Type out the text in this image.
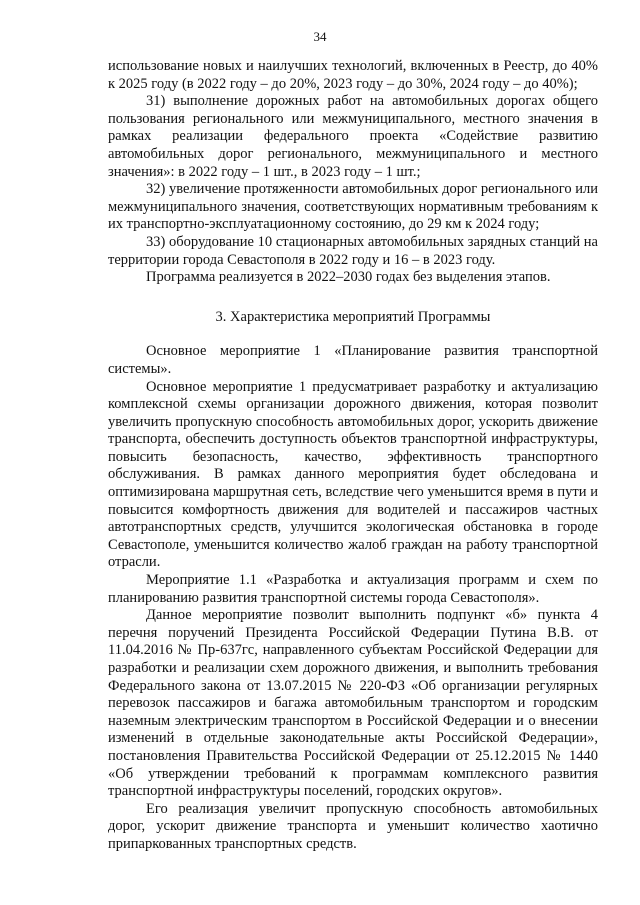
34

использование новых и наилучших технологий, включенных в Реестр, до 40% к 2025 году (в 2022 году – до 20%, 2023 году – до 30%, 2024 году – до 40%);

31) выполнение дорожных работ на автомобильных дорогах общего пользования регионального или межмуниципального, местного значения в рамках реализации федерального проекта «Содействие развитию автомобильных дорог регионального, межмуниципального и местного значения»: в 2022 году – 1 шт., в 2023 году – 1 шт.;

32) увеличение протяженности автомобильных дорог регионального или межмуниципального значения, соответствующих нормативным требованиям к их транспортно-эксплуатационному состоянию, до 29 км к 2024 году;

33) оборудование 10 стационарных автомобильных зарядных станций на территории города Севастополя в 2022 году и 16 – в 2023 году.

Программа реализуется в 2022–2030 годах без выделения этапов.

3. Характеристика мероприятий Программы

Основное мероприятие 1 «Планирование развития транспортной системы».

Основное мероприятие 1 предусматривает разработку и актуализацию комплексной схемы организации дорожного движения, которая позволит увеличить пропускную способность автомобильных дорог, ускорить движение транспорта, обеспечить доступность объектов транспортной инфраструктуры, повысить безопасность, качество, эффективность транспортного обслуживания. В рамках данного мероприятия будет обследована и оптимизирована маршрутная сеть, вследствие чего уменьшится время в пути и повысится комфортность движения для водителей и пассажиров частных автотранспортных средств, улучшится экологическая обстановка в городе Севастополе, уменьшится количество жалоб граждан на работу транспортной отрасли.

Мероприятие 1.1 «Разработка и актуализация программ и схем по планированию развития транспортной системы города Севастополя».

Данное мероприятие позволит выполнить подпункт «б» пункта 4 перечня поручений Президента Российской Федерации Путина В.В. от 11.04.2016 № Пр-637гс, направленного субъектам Российской Федерации для разработки и реализации схем дорожного движения, и выполнить требования Федерального закона от 13.07.2015 № 220-ФЗ «Об организации регулярных перевозок пассажиров и багажа автомобильным транспортом и городским наземным электрическим транспортом в Российской Федерации и о внесении изменений в отдельные законодательные акты Российской Федерации», постановления Правительства Российской Федерации от 25.12.2015 № 1440 «Об утверждении требований к программам комплексного развития транспортной инфраструктуры поселений, городских округов».

Его реализация увеличит пропускную способность автомобильных дорог, ускорит движение транспорта и уменьшит количество хаотично припаркованных транспортных средств.
